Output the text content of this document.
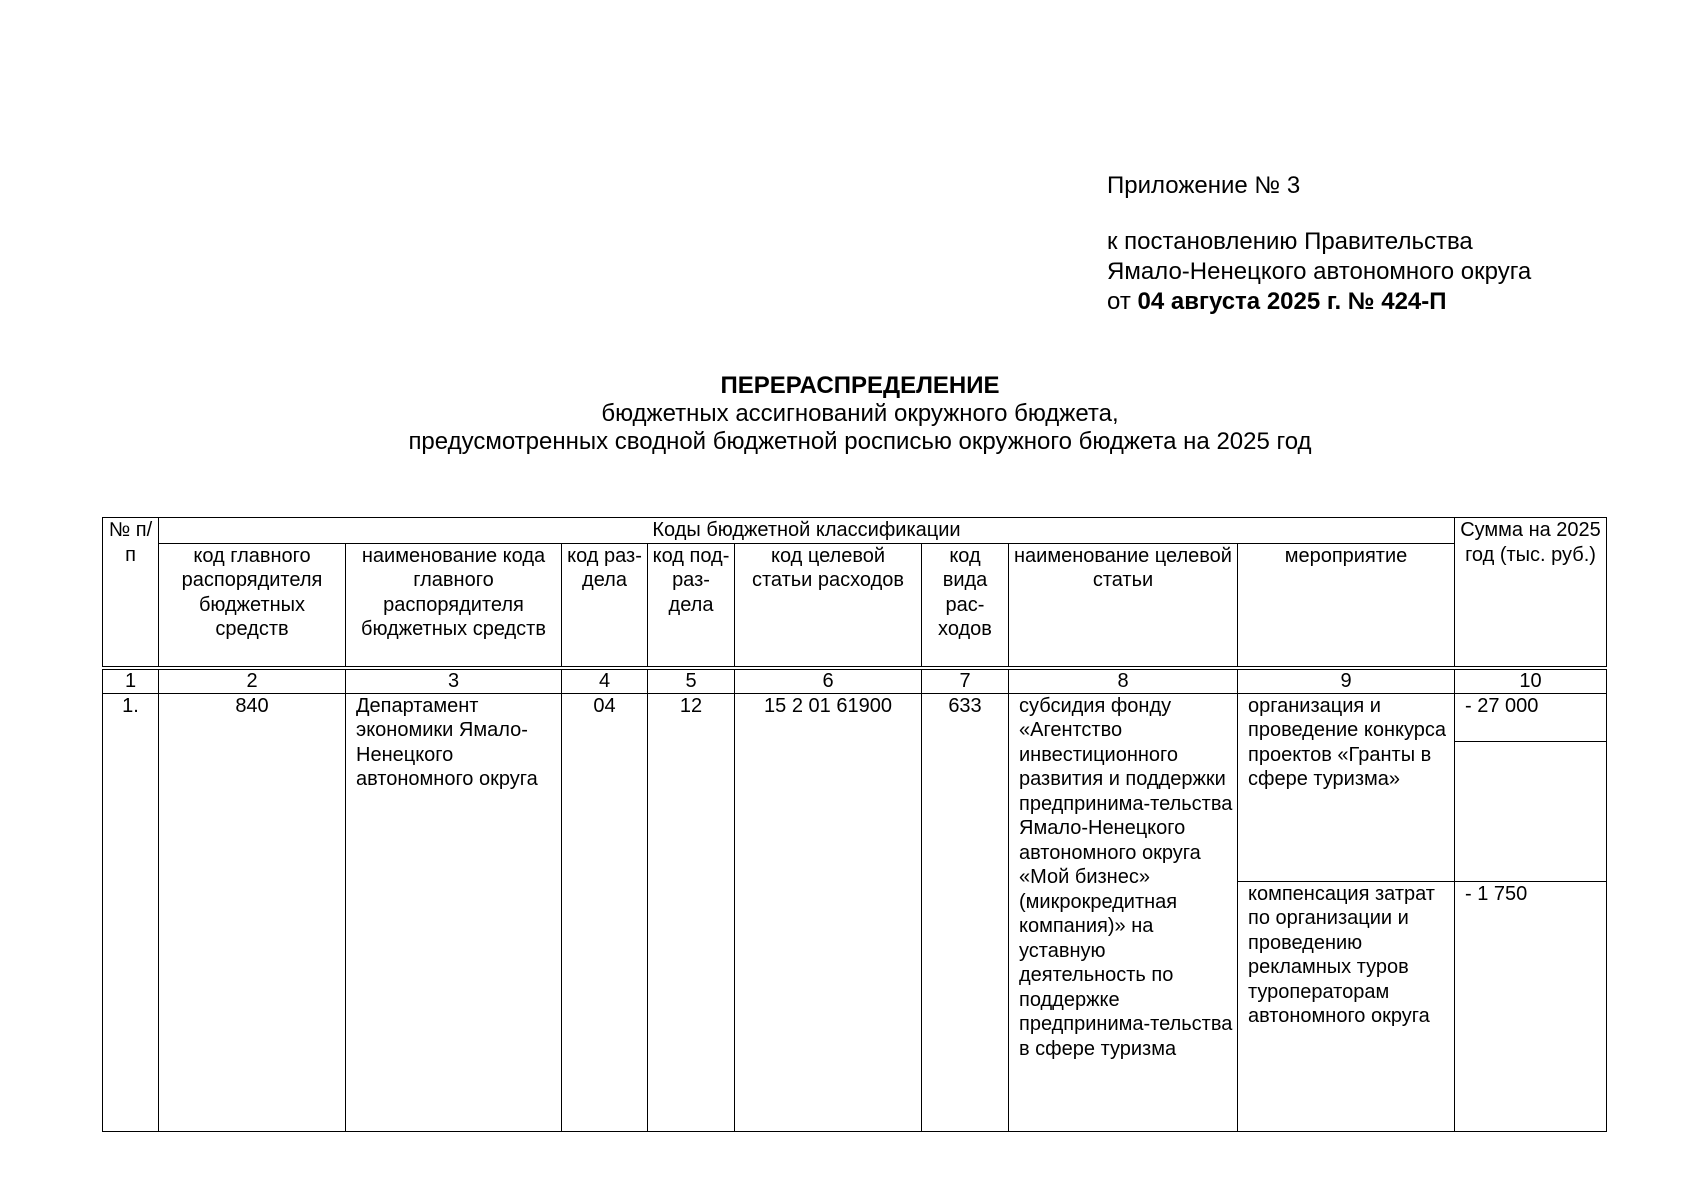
Приложение № 3
к постановлению Правительства
Ямало-Ненецкого автономного округа
от 04 августа 2025 г. № 424-П
ПЕРЕРАСПРЕДЕЛЕНИЕ
бюджетных ассигнований окружного бюджета,
предусмотренных сводной бюджетной росписью окружного бюджета на 2025 год
№ п/п	Коды бюджетной классификации								Сумма на 2025 год (тыс. руб.)
	код главного распорядителя бюджетных средств	наименование кода главного распорядителя бюджетных средств	код раз-дела	код под-раз-дела	код целевой статьи расходов	код вида рас-ходов	наименование целевой статьи	мероприятие	

1	2	3	4	5	6	7	8	9	10
1.	840	Департамент экономики Ямало-Ненецкого автономного округа	04	12	15 2 01 61900	633	субсидия фонду «Агентство инвестиционного развития и поддержки предпринима-тельства Ямало-Ненецкого автономного округа «Мой бизнес» (микрокредитная компания)» на уставную деятельность по поддержке предпринима-тельства в сфере туризма	организация и проведение конкурса проектов «Гранты в сфере туризма»	- 27 000

								компенсация затрат по организации и проведению рекламных туров туроператорам автономного округа	- 1 750
